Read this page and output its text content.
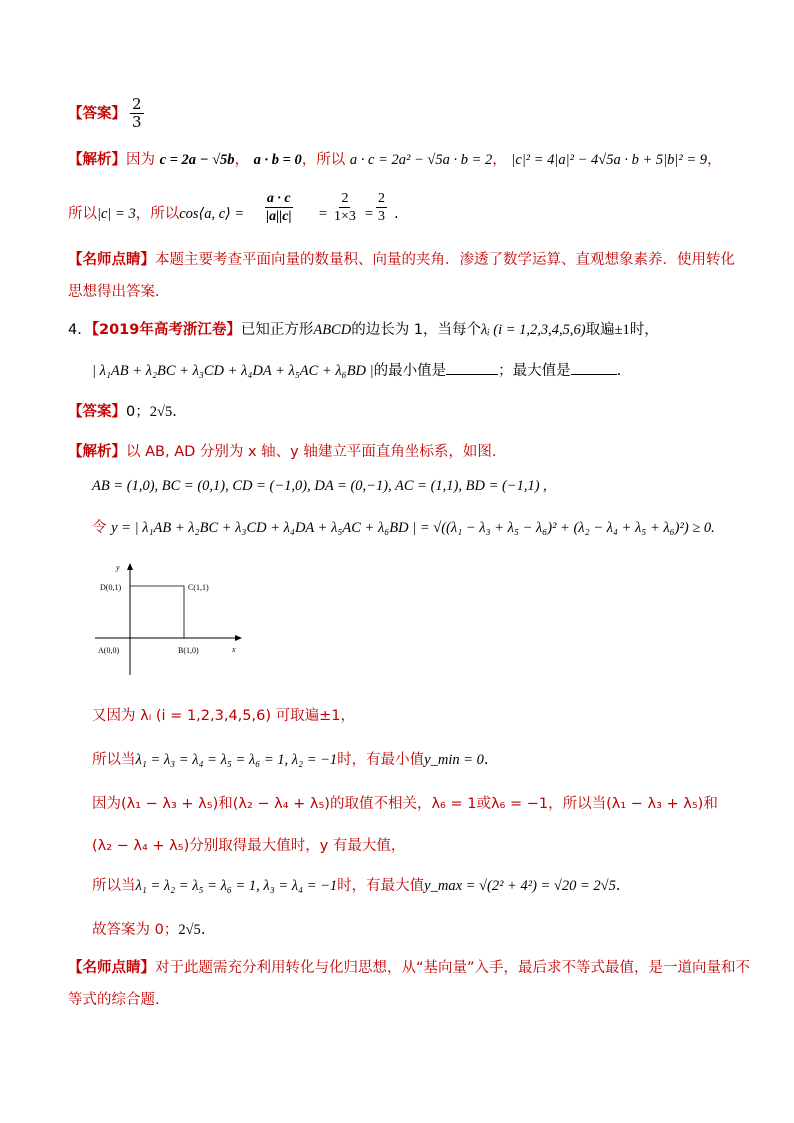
【答案】 $\frac{2}{3}$
【解析】因为 c = 2a − √5b， a · b = 0，所以 a · c = 2a² − √5a · b = 2， |c|² = 4|a|² − 4√5a · b + 5|b|² = 9，
所以|c| = 3，所以cos⟨a, c⟩ = $\frac{a \cdot c}{|a||c|} = \frac{2}{1\times 3} = \frac{2}{3}$ .
【名师点睛】本题主要考查平面向量的数量积、向量的夹角．渗透了数学运算、直观想象素养．使用转化
思想得出答案．
4．【2019年高考浙江卷】已知正方形ABCD的边长为 1，当每个λᵢ (i = 1,2,3,4,5,6)取遍±1时，
| λ₁AB + λ₂BC + λ₃CD + λ₄DA + λ₅AC + λ₆BD |的最小值是	；最大值是	.
【答案】0；2√5.
【解析】以 AB, AD 分别为 x 轴、y 轴建立平面直角坐标系，如图.
AB = (1,0), BC = (0,1), CD = (−1,0), DA = (0,−1), AC = (1,1), BD = (−1,1) ,
令 y = | λ₁AB + λ₂BC + λ₃CD + λ₄DA + λ₅AC + λ₆BD | = √((λ₁ − λ₃ + λ₅ − λ₆)² + (λ₂ − λ₄ + λ₅ + λ₆)²) ≥ 0.
y
x
D(0,1)	C(1,1)
A(0,0)	B(1,0)
又因为 λᵢ (i = 1,2,3,4,5,6) 可取遍±1，
所以当λ₁ = λ₃ = λ₄ = λ₅ = λ₆ = 1, λ₂ = −1时，有最小值y_min = 0.
因为(λ₁ − λ₃ + λ₅)和(λ₂ − λ₄ + λ₅)的取值不相关，λ₆ = 1或λ₆ = −1，所以当(λ₁ − λ₃ + λ₅)和
(λ₂ − λ₄ + λ₅)分别取得最大值时，y 有最大值，
所以当λ₁ = λ₂ = λ₅ = λ₆ = 1, λ₃ = λ₄ = −1时，有最大值y_max = √(2² + 4²) = √20 = 2√5.
故答案为 0；2√5.
【名师点睛】对于此题需充分利用转化与化归思想，从“基向量”入手，最后求不等式最值，是一道向量和不
等式的综合题.
